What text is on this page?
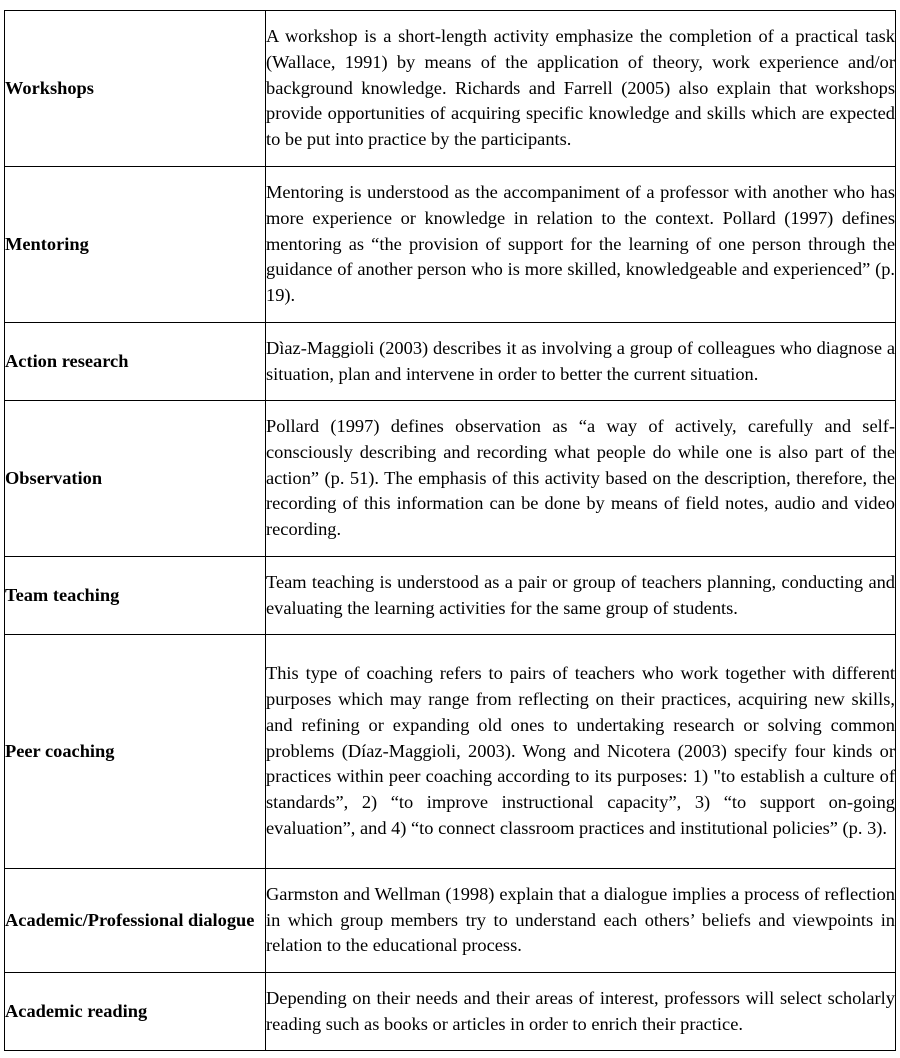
Workshops	A workshop is a short-length activity emphasize the completion of a practical task (Wallace, 1991) by means of the application of theory, work experience and/or background knowledge. Richards and Farrell (2005) also explain that workshops provide opportunities of acquiring specific knowledge and skills which are expected to be put into practice by the participants.
Mentoring	Mentoring is understood as the accompaniment of a professor with another who has more experience or knowledge in relation to the context. Pollard (1997) defines mentoring as “the provision of support for the learning of one person through the guidance of another person who is more skilled, knowledgeable and experienced” (p. 19).
Action research	Dìaz-Maggioli (2003) describes it as involving a group of colleagues who diagnose a situation, plan and intervene in order to better the current situation.
Observation	Pollard (1997) defines observation as “a way of actively, carefully and self-consciously describing and recording what people do while one is also part of the action” (p. 51). The emphasis of this activity based on the description, therefore, the recording of this information can be done by means of field notes, audio and video recording.
Team teaching	Team teaching is understood as a pair or group of teachers planning, conducting and evaluating the learning activities for the same group of students.
Peer coaching	This type of coaching refers to pairs of teachers who work together with different purposes which may range from reflecting on their practices, acquiring new skills, and refining or expanding old ones to undertaking research or solving common problems (Díaz-Maggioli, 2003). Wong and Nicotera (2003) specify four kinds or practices within peer coaching according to its purposes: 1) "to establish a culture of standards”, 2) “to improve instructional capacity”, 3) “to support on-going evaluation”, and 4) “to connect classroom practices and institutional policies” (p. 3).
Academic/Professional dialogue	Garmston and Wellman (1998) explain that a dialogue implies a process of reflection in which group members try to understand each others’ beliefs and viewpoints in relation to the educational process.
Academic reading	Depending on their needs and their areas of interest, professors will select scholarly reading such as books or articles in order to enrich their practice.
